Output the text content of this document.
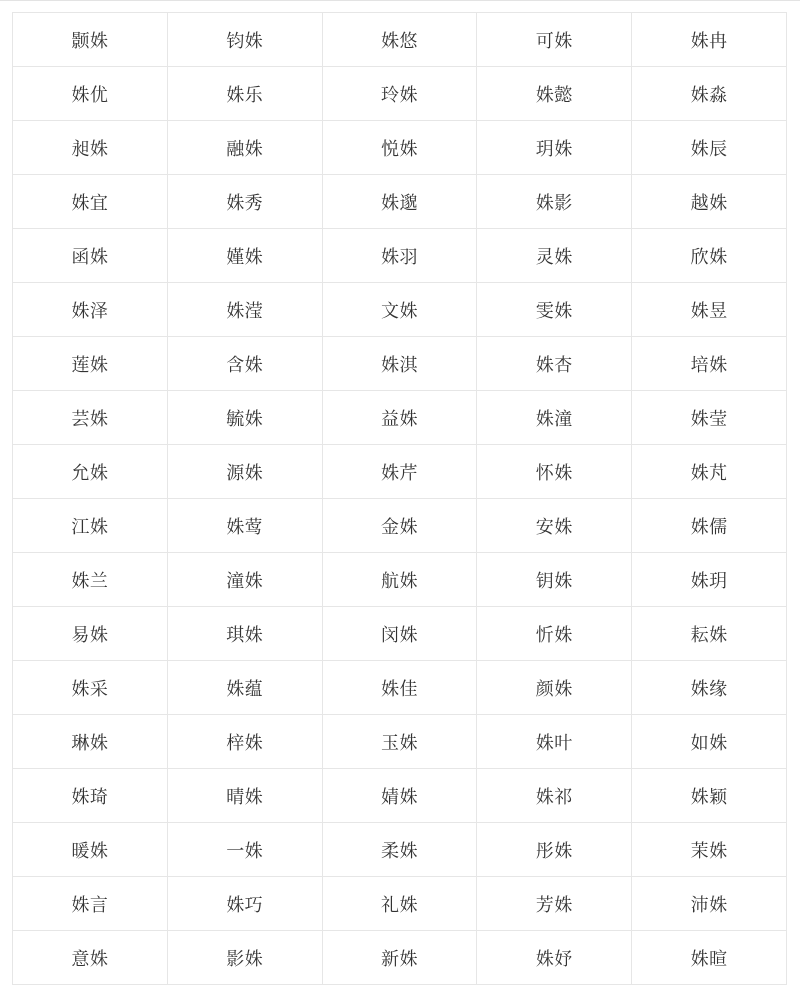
颢姝	钧姝	姝悠	可姝	姝冉
姝优	姝乐	玲姝	姝懿	姝淼
昶姝	融姝	悦姝	玥姝	姝辰
姝宜	姝秀	姝邈	姝影	越姝
函姝	嫤姝	姝羽	灵姝	欣姝
姝泽	姝滢	文姝	雯姝	姝昱
莲姝	含姝	姝淇	姝杏	培姝
芸姝	毓姝	益姝	姝潼	姝莹
允姝	源姝	姝芹	怀姝	姝芃
江姝	姝莺	金姝	安姝	姝儒
姝兰	潼姝	航姝	钥姝	姝玥
易姝	琪姝	闵姝	忻姝	耘姝
姝采	姝蕴	姝佳	颜姝	姝缘
琳姝	梓姝	玉姝	姝叶	如姝
姝琦	晴姝	婧姝	姝祁	姝颖
暖姝	一姝	柔姝	彤姝	茉姝
姝言	姝巧	礼姝	芳姝	沛姝
意姝	影姝	新姝	姝妤	姝暄
